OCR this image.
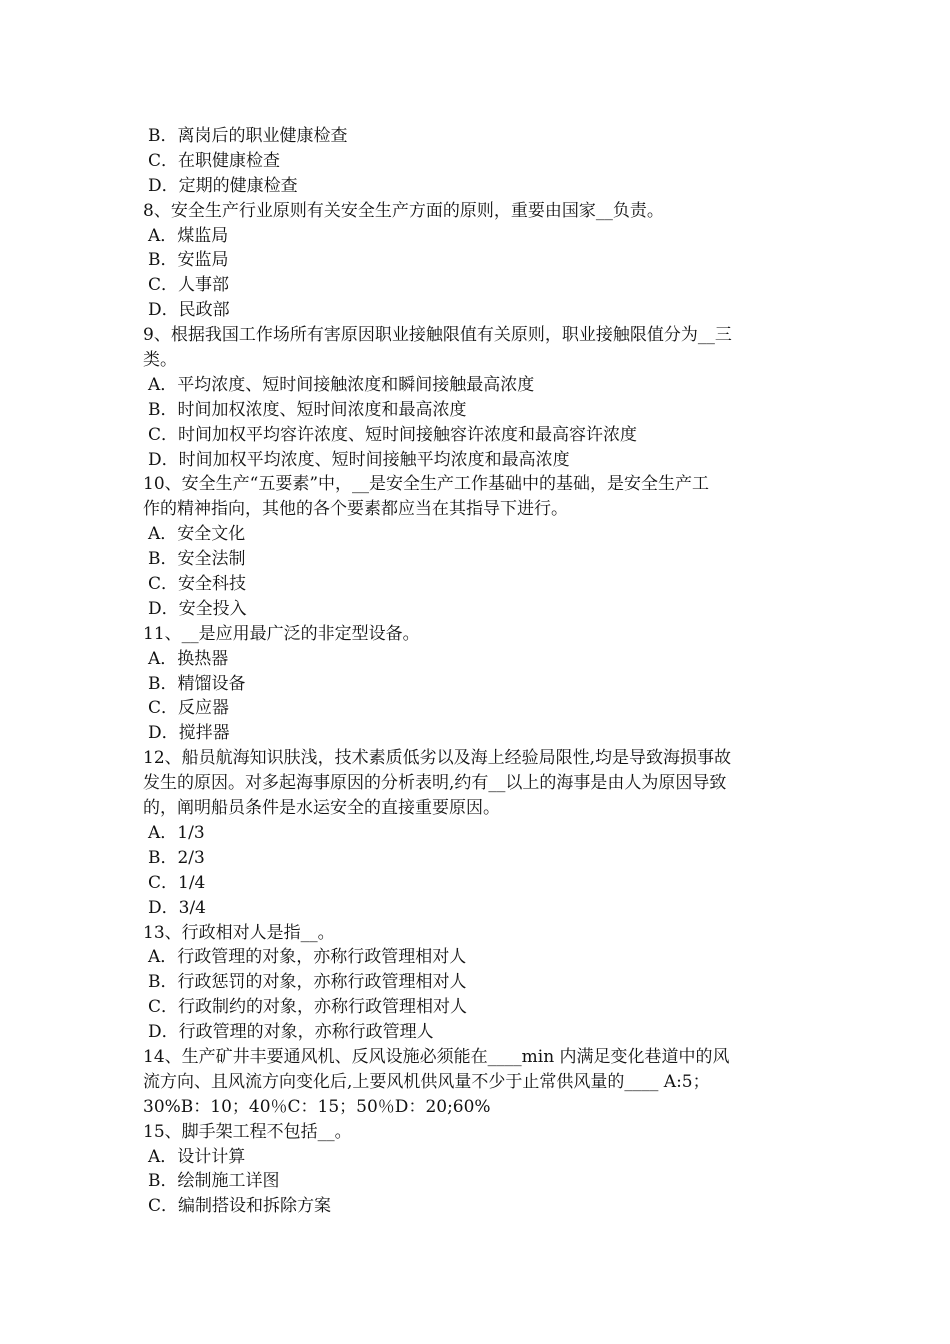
B．离岗后的职业健康检查
C．在职健康检查
D．定期的健康检查
8、安全生产行业原则有关安全生产方面的原则，重要由国家__负责。
A．煤监局
B．安监局
C．人事部
D．民政部
9、根据我国工作场所有害原因职业接触限值有关原则，职业接触限值分为__三
类。
A．平均浓度、短时间接触浓度和瞬间接触最高浓度
B．时间加权浓度、短时间浓度和最高浓度
C．时间加权平均容许浓度、短时间接触容许浓度和最高容许浓度
D．时间加权平均浓度、短时间接触平均浓度和最高浓度
10、安全生产“五要素”中，__是安全生产工作基础中的基础，是安全生产工
作的精神指向，其他的各个要素都应当在其指导下进行。
A．安全文化
B．安全法制
C．安全科技
D．安全投入
11、__是应用最广泛的非定型设备。
A．换热器
B．精馏设备
C．反应器
D．搅拌器
12、船员航海知识肤浅，技术素质低劣以及海上经验局限性,均是导致海损事故
发生的原因。对多起海事原因的分析表明,约有__以上的海事是由人为原因导致
的，阐明船员条件是水运安全的直接重要原因。
A．1/3
B．2/3
C．1/4
D．3/4
13、行政相对人是指__。
A．行政管理的对象，亦称行政管理相对人
B．行政惩罚的对象，亦称行政管理相对人
C．行政制约的对象，亦称行政管理相对人
D．行政管理的对象，亦称行政管理人
14、生产矿井丰要通风机、反风设施必须能在____min 内满足变化巷道中的风
流方向、且风流方向变化后,上要风机供风量不少于止常供风量的____ A:5；
30%B：10；40％C：15；50％D：20;60%
15、脚手架工程不包括__。
A．设计计算
B．绘制施工详图
C．编制搭设和拆除方案
